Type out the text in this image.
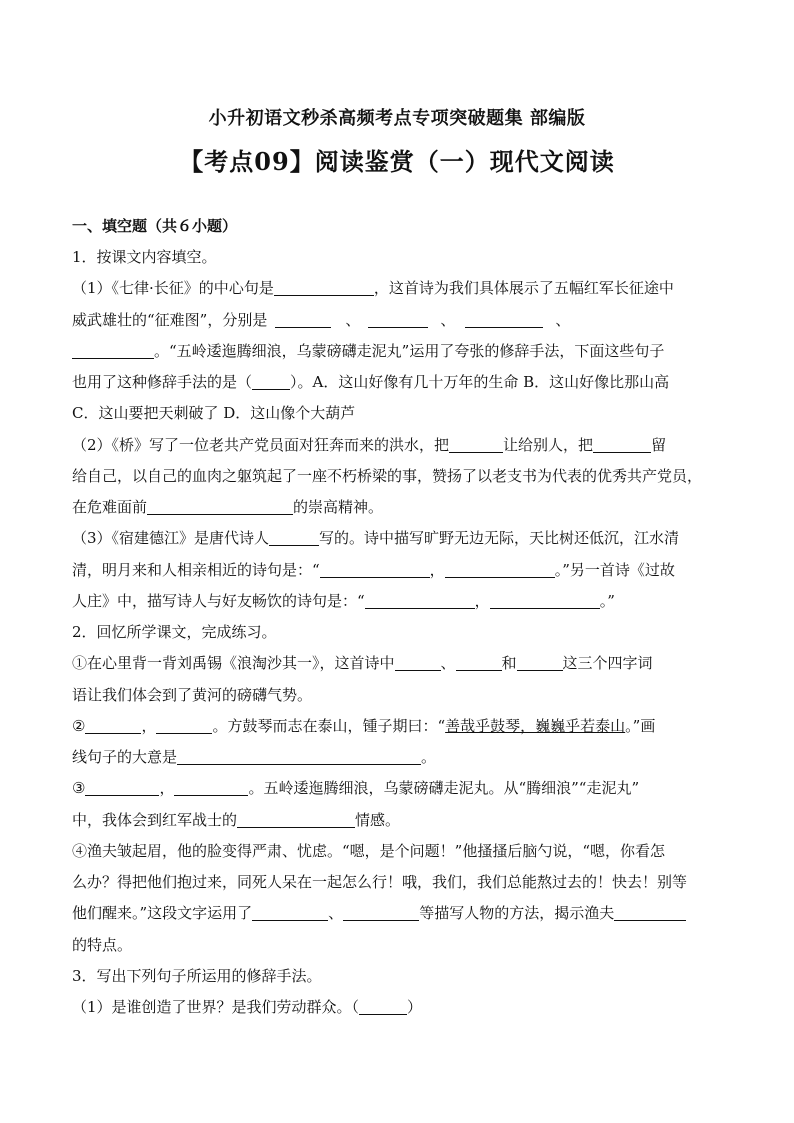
小升初语文秒杀高频考点专项突破题集 部编版
【考点09】阅读鉴赏（一）现代文阅读
一、填空题（共６小题）
1．按课文内容填空。
（1）《七律·长征》的中心句是	，这首诗为我们具体展示了五幅红军长征途中
威武雄壮的“征难图”，分别是	、	、	、
。“五岭逶迤腾细浪，乌蒙磅礴走泥丸”运用了夸张的修辞手法，下面这些句子
也用了这种修辞手法的是（	）。A．这山好像有几十万年的生命 B．这山好像比那山高
C．这山要把天刺破了 D．这山像个大葫芦
（2）《桥》写了一位老共产党员面对狂奔而来的洪水，把	让给别人，把	留
给自己，以自己的血肉之躯筑起了一座不朽桥梁的事，赞扬了以老支书为代表的优秀共产党员，
在危难面前	的崇高精神。
（3）《宿建德江》是唐代诗人	写的。诗中描写旷野无边无际，天比树还低沉，江水清
清，明月来和人相亲相近的诗句是：“	，	。”另一首诗《过故
人庄》中，描写诗人与好友畅饮的诗句是：“	，	。”
2．回忆所学课文，完成练习。
①在心里背一背刘禹锡《浪淘沙其一》，这首诗中	、	和	这三个四字词
语让我们体会到了黄河的磅礴气势。
②	，	。方鼓琴而志在泰山，锺子期曰：“善哉乎鼓琴，巍巍乎若泰山。”画
线句子的大意是	。
③	，	。五岭逶迤腾细浪，乌蒙磅礴走泥丸。从“腾细浪”“走泥丸”
中，我体会到红军战士的	情感。
④渔夫皱起眉，他的脸变得严肃、忧虑。“嗯，是个问题！”他搔搔后脑勺说，“嗯，你看怎
么办？得把他们抱过来，同死人呆在一起怎么行！哦，我们，我们总能熬过去的！快去！别等
他们醒来。”这段文字运用了	、	等描写人物的方法，揭示渔夫
的特点。
3．写出下列句子所运用的修辞手法。
（1）是谁创造了世界？是我们劳动群众。（	）
